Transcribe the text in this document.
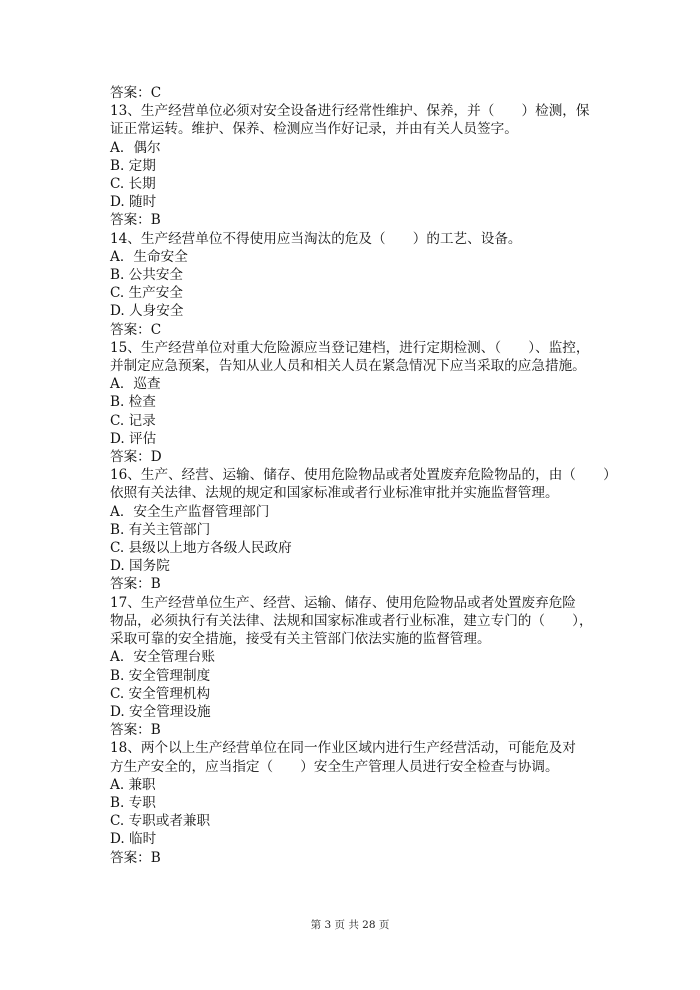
答案：C
13、生产经营单位必须对安全设备进行经常性维护、保养，并（　　）检测，保
证正常运转。维护、保养、检测应当作好记录，并由有关人员签字。
A．偶尔
B. 定期
C. 长期
D. 随时
答案：B
14、生产经营单位不得使用应当淘汰的危及（　　）的工艺、设备。
A．生命安全
B. 公共安全
C. 生产安全
D. 人身安全
答案：C
15、生产经营单位对重大危险源应当登记建档，进行定期检测、（　　）、监控，
并制定应急预案，告知从业人员和相关人员在紧急情况下应当采取的应急措施。
A．巡查
B. 检查
C. 记录
D. 评估
答案：D
16、生产、经营、运输、储存、使用危险物品或者处置废弃危险物品的，由（　　）
依照有关法律、法规的规定和国家标准或者行业标准审批并实施监督管理。
A．安全生产监督管理部门
B. 有关主管部门
C. 县级以上地方各级人民政府
D. 国务院
答案：B
17、生产经营单位生产、经营、运输、储存、使用危险物品或者处置废弃危险
物品，必须执行有关法律、法规和国家标准或者行业标准，建立专门的（　　），
采取可靠的安全措施，接受有关主管部门依法实施的监督管理。
A．安全管理台账
B. 安全管理制度
C. 安全管理机构
D. 安全管理设施
答案：B
18、两个以上生产经营单位在同一作业区域内进行生产经营活动，可能危及对
方生产安全的，应当指定（　　）安全生产管理人员进行安全检查与协调。
A. 兼职
B. 专职
C. 专职或者兼职
D. 临时
答案：B
第 3 页 共 28 页
